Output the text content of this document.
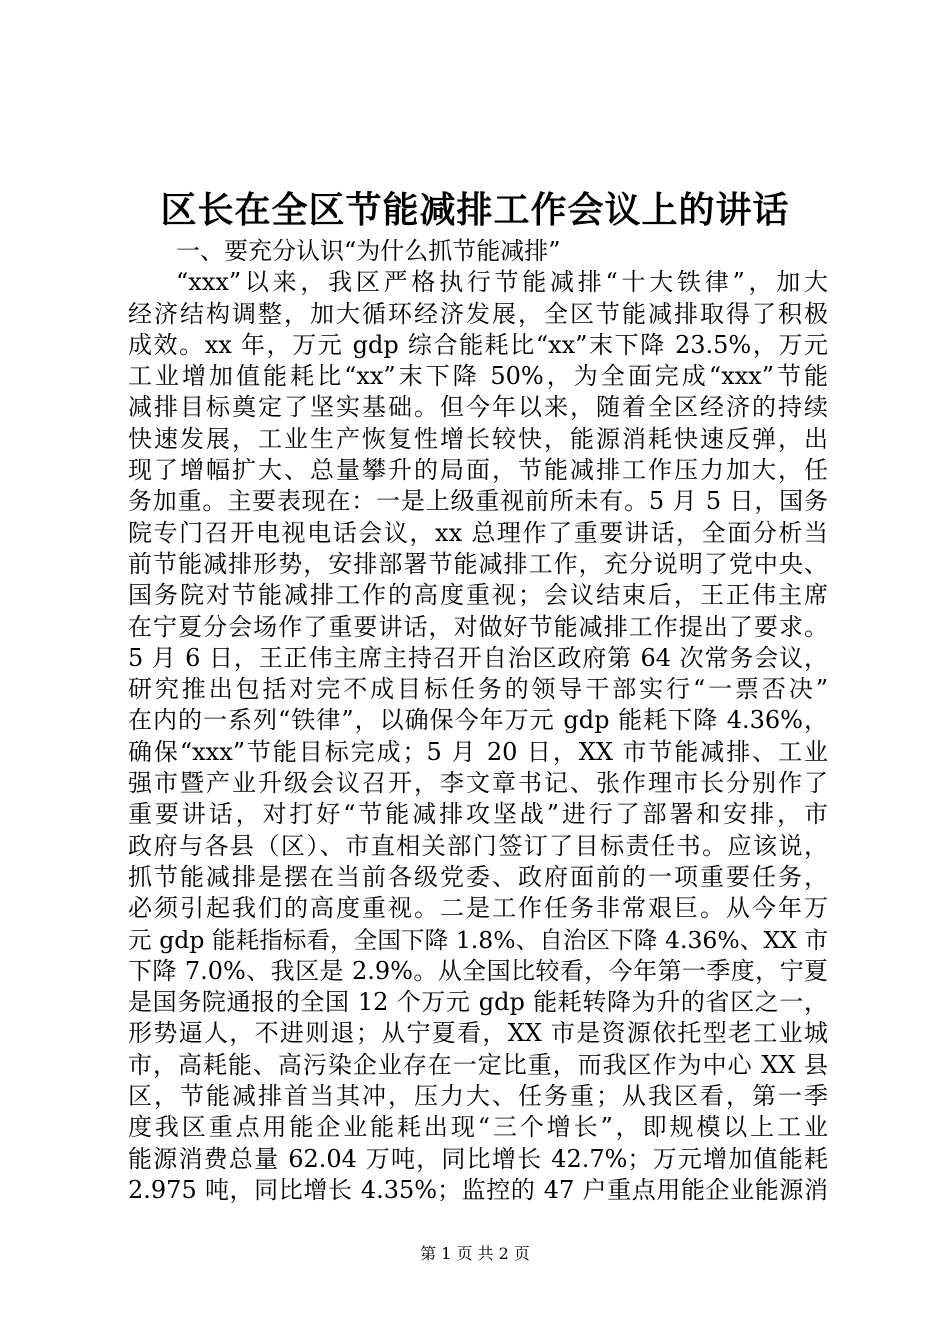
区长在全区节能减排工作会议上的讲话
一、要充分认识“为什么抓节能减排”
“xxx”以来，我区严格执行节能减排“十大铁律”，加大
经济结构调整，加大循环经济发展，全区节能减排取得了积极
成效。xx 年，万元 gdp 综合能耗比“xx”末下降 23.5%，万元
工业增加值能耗比“xx”末下降 50%，为全面完成“xxx”节能
减排目标奠定了坚实基础。但今年以来，随着全区经济的持续
快速发展，工业生产恢复性增长较快，能源消耗快速反弹，出
现了增幅扩大、总量攀升的局面，节能减排工作压力加大，任
务加重。主要表现在：一是上级重视前所未有。5 月 5 日，国务
院专门召开电视电话会议，xx 总理作了重要讲话，全面分析当
前节能减排形势，安排部署节能减排工作，充分说明了党中央、
国务院对节能减排工作的高度重视；会议结束后，王正伟主席
在宁夏分会场作了重要讲话，对做好节能减排工作提出了要求。
5 月 6 日，王正伟主席主持召开自治区政府第 64 次常务会议，
研究推出包括对完不成目标任务的领导干部实行“一票否决”
在内的一系列“铁律”，以确保今年万元 gdp 能耗下降 4.36%，
确保“xxx”节能目标完成；5 月 20 日，XX 市节能减排、工业
强市暨产业升级会议召开，李文章书记、张作理市长分别作了
重要讲话，对打好“节能减排攻坚战”进行了部署和安排，市
政府与各县（区）、市直相关部门签订了目标责任书。应该说，
抓节能减排是摆在当前各级党委、政府面前的一项重要任务，
必须引起我们的高度重视。二是工作任务非常艰巨。从今年万
元 gdp 能耗指标看，全国下降 1.8%、自治区下降 4.36%、XX 市
下降 7.0%、我区是 2.9%。从全国比较看，今年第一季度，宁夏
是国务院通报的全国 12 个万元 gdp 能耗转降为升的省区之一，
形势逼人，不进则退；从宁夏看，XX 市是资源依托型老工业城
市，高耗能、高污染企业存在一定比重，而我区作为中心 XX 县
区，节能减排首当其冲，压力大、任务重；从我区看，第一季
度我区重点用能企业能耗出现“三个增长”，即规模以上工业
能源消费总量 62.04 万吨，同比增长 42.7%；万元增加值能耗
2.975 吨，同比增长 4.35%；监控的 47 户重点用能企业能源消
第 1 页 共 2 页
